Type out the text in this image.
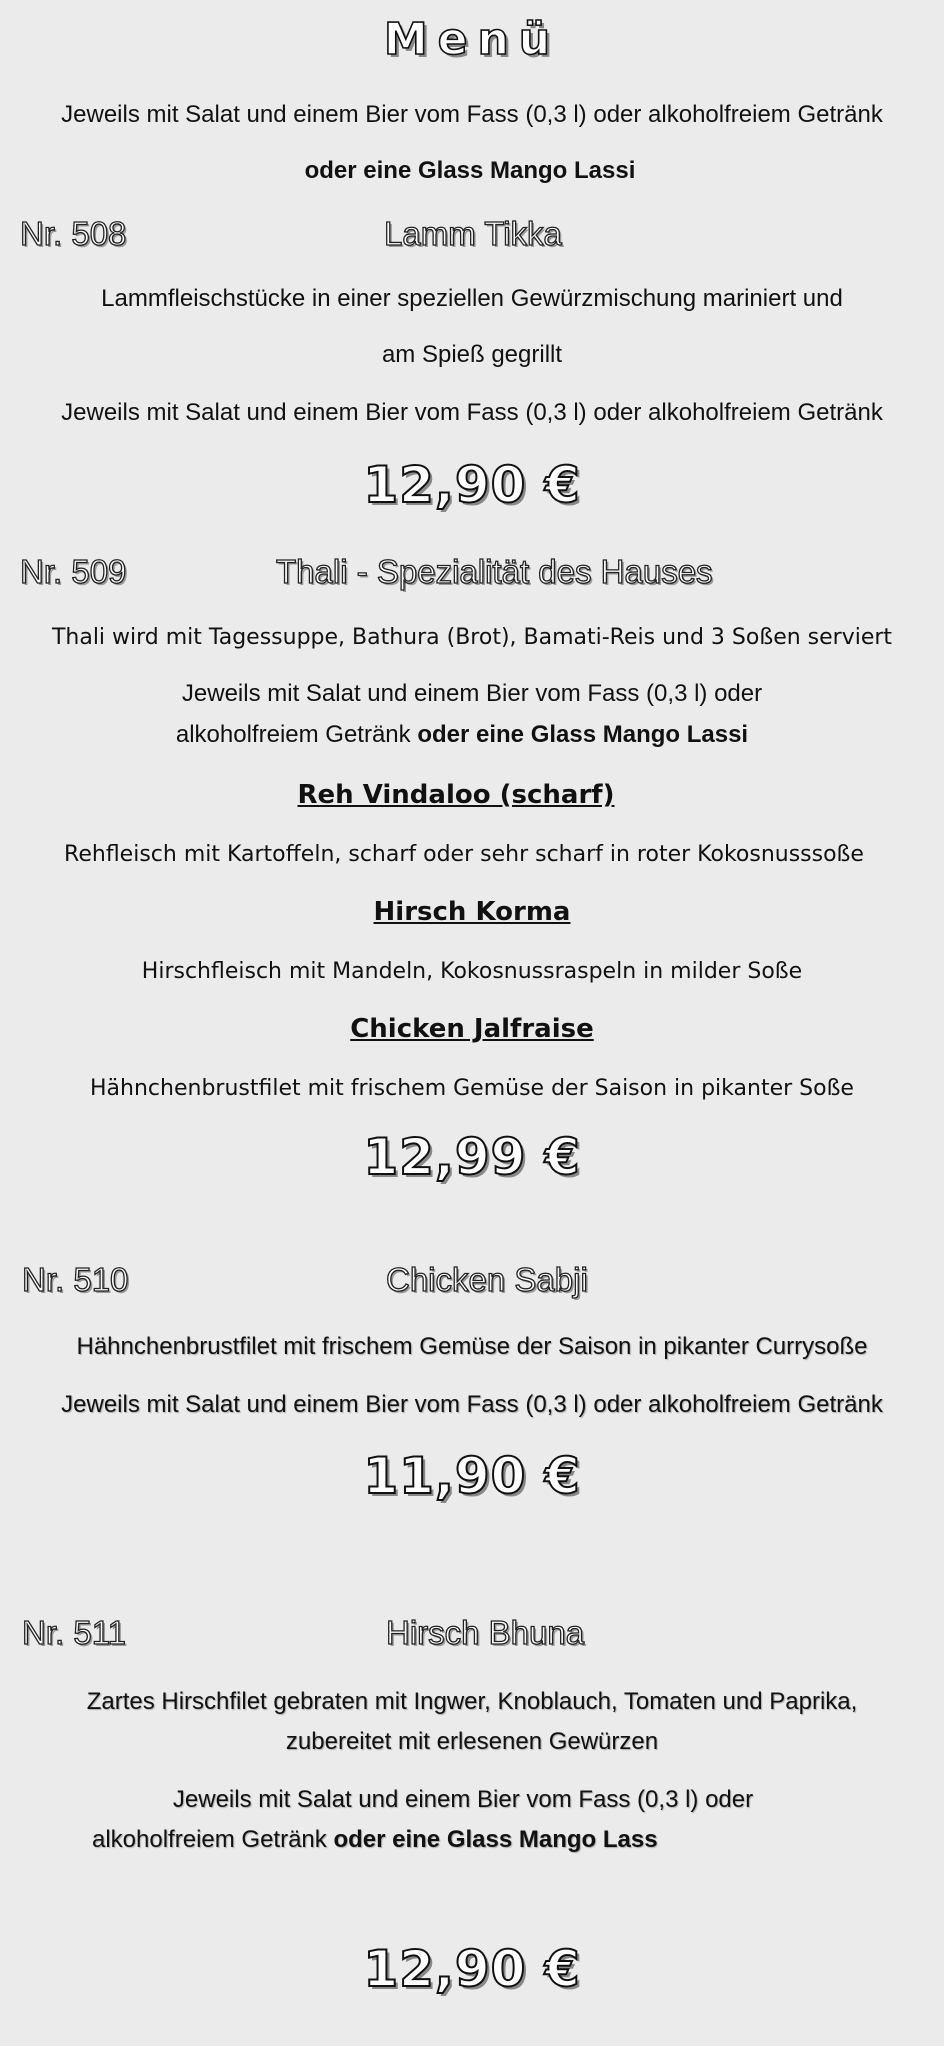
Menü
Jeweils mit Salat und einem Bier vom Fass (0,3 l) oder alkoholfreiem Getränk
oder eine Glass Mango Lassi
Nr. 508	Lamm Tikka
Lammfleischstücke in einer speziellen Gewürzmischung mariniert und
am Spieß gegrillt
Jeweils mit Salat und einem Bier vom Fass (0,3 l) oder alkoholfreiem Getränk
12,90 €
Nr. 509	Thali - Spezialität des Hauses
Thali wird mit Tagessuppe, Bathura (Brot), Bamati-Reis und 3 Soßen serviert
Jeweils mit Salat und einem Bier vom Fass (0,3 l) oder
alkoholfreiem Getränk oder eine Glass Mango Lassi
Reh Vindaloo (scharf)
Rehfleisch mit Kartoffeln, scharf oder sehr scharf in roter Kokosnusssoße
Hirsch Korma
Hirschfleisch mit Mandeln, Kokosnussraspeln in milder Soße
Chicken Jalfraise
Hähnchenbrustfilet mit frischem Gemüse der Saison in pikanter Soße
12,99 €
Nr. 510	Chicken Sabji
Hähnchenbrustfilet mit frischem Gemüse der Saison in pikanter Currysoße
Jeweils mit Salat und einem Bier vom Fass (0,3 l) oder alkoholfreiem Getränk
11,90 €
Nr. 511	Hirsch Bhuna
Zartes Hirschfilet gebraten mit Ingwer, Knoblauch, Tomaten und Paprika,
zubereitet mit erlesenen Gewürzen
Jeweils mit Salat und einem Bier vom Fass (0,3 l) oder
alkoholfreiem Getränk oder eine Glass Mango Lass
12,90 €
